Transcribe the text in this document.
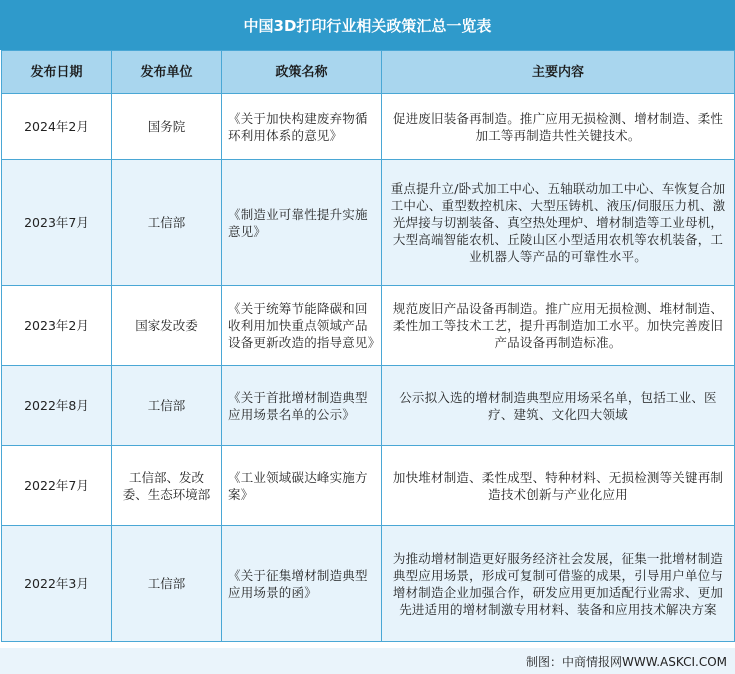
中国3D打印行业相关政策汇总一览表
发布日期	发布单位	政策名称	主要内容
2024年2月	国务院	《关于加快构建废弃物循环利用体系的意见》	促进废旧装备再制造。推广应用无损检测、增材制造、柔性加工等再制造共性关键技术。
2023年7月	工信部	《制造业可靠性提升实施意见》	重点提升立/卧式加工中心、五轴联动加工中心、车恢复合加工中心、重型数控机床、大型压铸机、液压/伺服压力机、激光焊接与切割装备、真空热处理炉、增材制造等工业母机，大型高端智能农机、丘陵山区小型适用农机等农机装备，工业机器人等产品的可靠性水平。
2023年2月	国家发改委	《关于统筹节能降碳和回收利用加快重点领域产品设备更新改造的指导意见》	规范废旧产品设备再制造。推广应用无损检测、堆材制造、柔性加工等技术工艺，提升再制造加工水平。加快完善废旧产品设备再制造标准。
2022年8月	工信部	《关于首批增材制造典型应用场景名单的公示》	公示拟入选的增材制造典型应用场采名单，包括工业、医疗、建筑、文化四大领域
2022年7月	工信部、发改委、生态环境部	《工业领域碳达峰实施方案》	加快堆材制造、柔性成型、特种材料、无损检测等关键再制造技术创新与产业化应用
2022年3月	工信部	《关于征集增材制造典型应用场景的函》	为推动增材制造更好服务经济社会发展，征集一批增材制造典型应用场景，形成可复制可借鉴的成果，引导用户单位与增材制造企业加强合作，研发应用更加适配行业需求、更加先进适用的增材制激专用材料、装备和应用技术解决方案
制图：中商情报网WWW.ASKCI.COM
